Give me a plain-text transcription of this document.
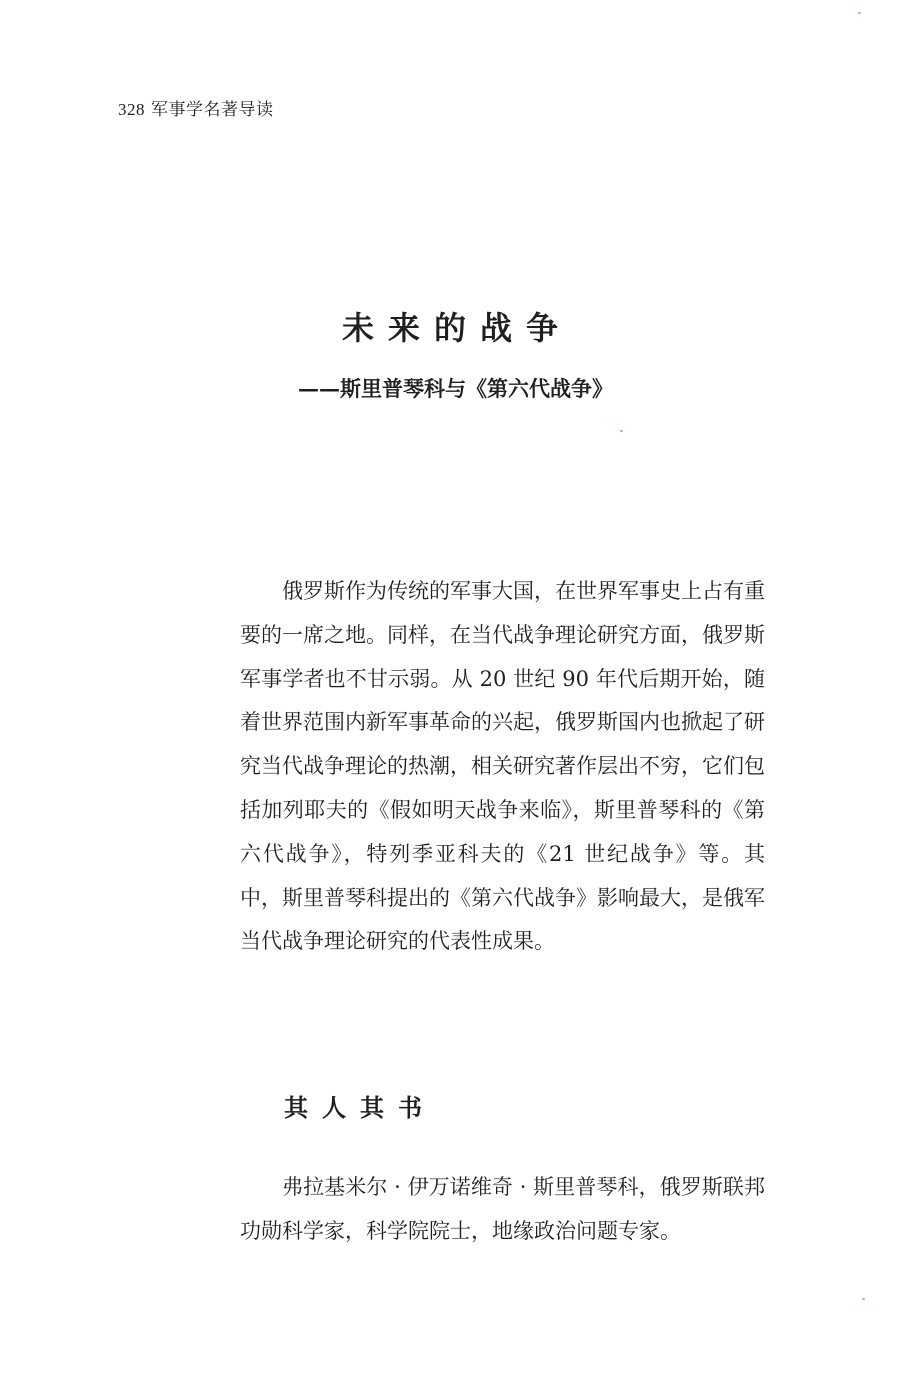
328 军事学名著导读
未来的战争
——斯里普琴科与《第六代战争》

俄罗斯作为传统的军事大国，在世界军事史上占有重要的一席之地。同样，在当代战争理论研究方面，俄罗斯军事学者也不甘示弱。从 20 世纪 90 年代后期开始，随着世界范围内新军事革命的兴起，俄罗斯国内也掀起了研究当代战争理论的热潮，相关研究著作层出不穷，它们包括加列耶夫的《假如明天战争来临》，斯里普琴科的《第六代战争》，特列季亚科夫的《21 世纪战争》等。其中，斯里普琴科提出的《第六代战争》影响最大，是俄军当代战争理论研究的代表性成果。

其人其书

弗拉基米尔 · 伊万诺维奇 · 斯里普琴科，俄罗斯联邦功勋科学家，科学院院士，地缘政治问题专家。
